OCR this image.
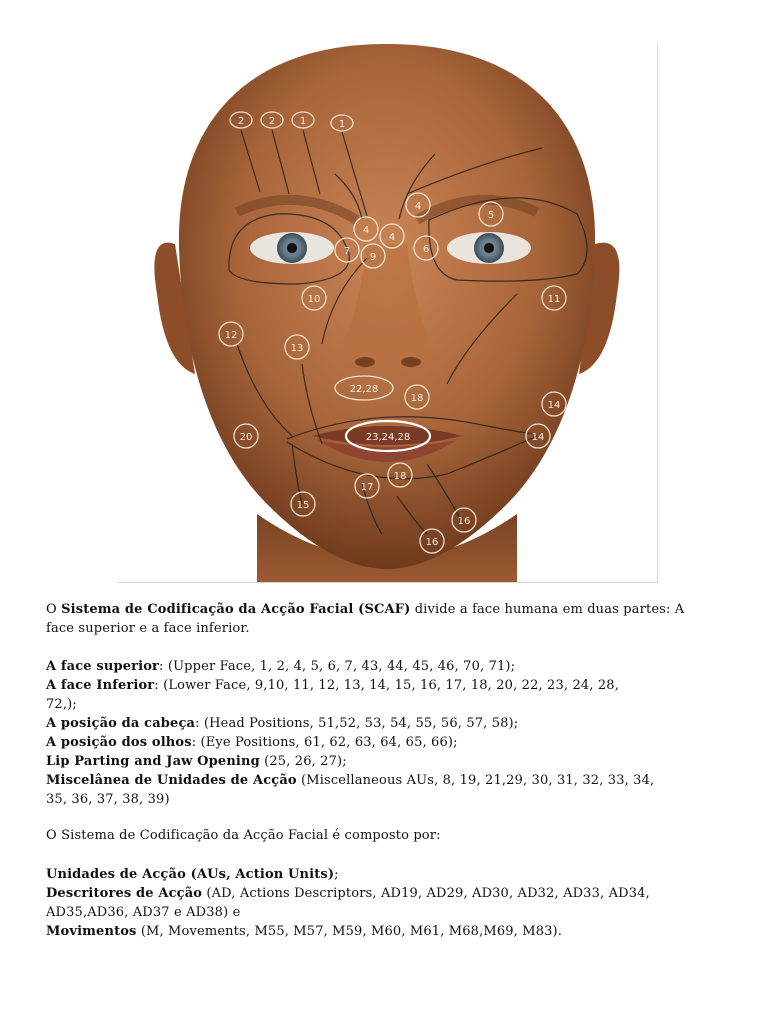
2 2 1	1
4
4
4
5
7
9
6
10	11
12
13
22,28
18
14
20	23,24,28	14
18
17
15
16
16
O Sistema de Codificação da Acção Facial (SCAF) divide a face humana em duas partes: A
face superior e a face inferior.
A face superior: (Upper Face, 1, 2, 4, 5, 6, 7, 43, 44, 45, 46, 70, 71);
A face Inferior: (Lower Face, 9,10, 11, 12, 13, 14, 15, 16, 17, 18, 20, 22, 23, 24, 28,
72,);
A posição da cabeça: (Head Positions, 51,52, 53, 54, 55, 56, 57, 58);
A posição dos olhos: (Eye Positions, 61, 62, 63, 64, 65, 66);
Lip Parting and Jaw Opening (25, 26, 27);
Miscelânea de Unidades de Acção (Miscellaneous AUs, 8, 19, 21,29, 30, 31, 32, 33, 34,
35, 36, 37, 38, 39)
O Sistema de Codificação da Acção Facial é composto por:
Unidades de Acção (AUs, Action Units);
Descritores de Acção (AD, Actions Descriptors, AD19, AD29, AD30, AD32, AD33, AD34,
AD35,AD36, AD37 e AD38) e
Movimentos (M, Movements, M55, M57, M59, M60, M61, M68,M69, M83).
